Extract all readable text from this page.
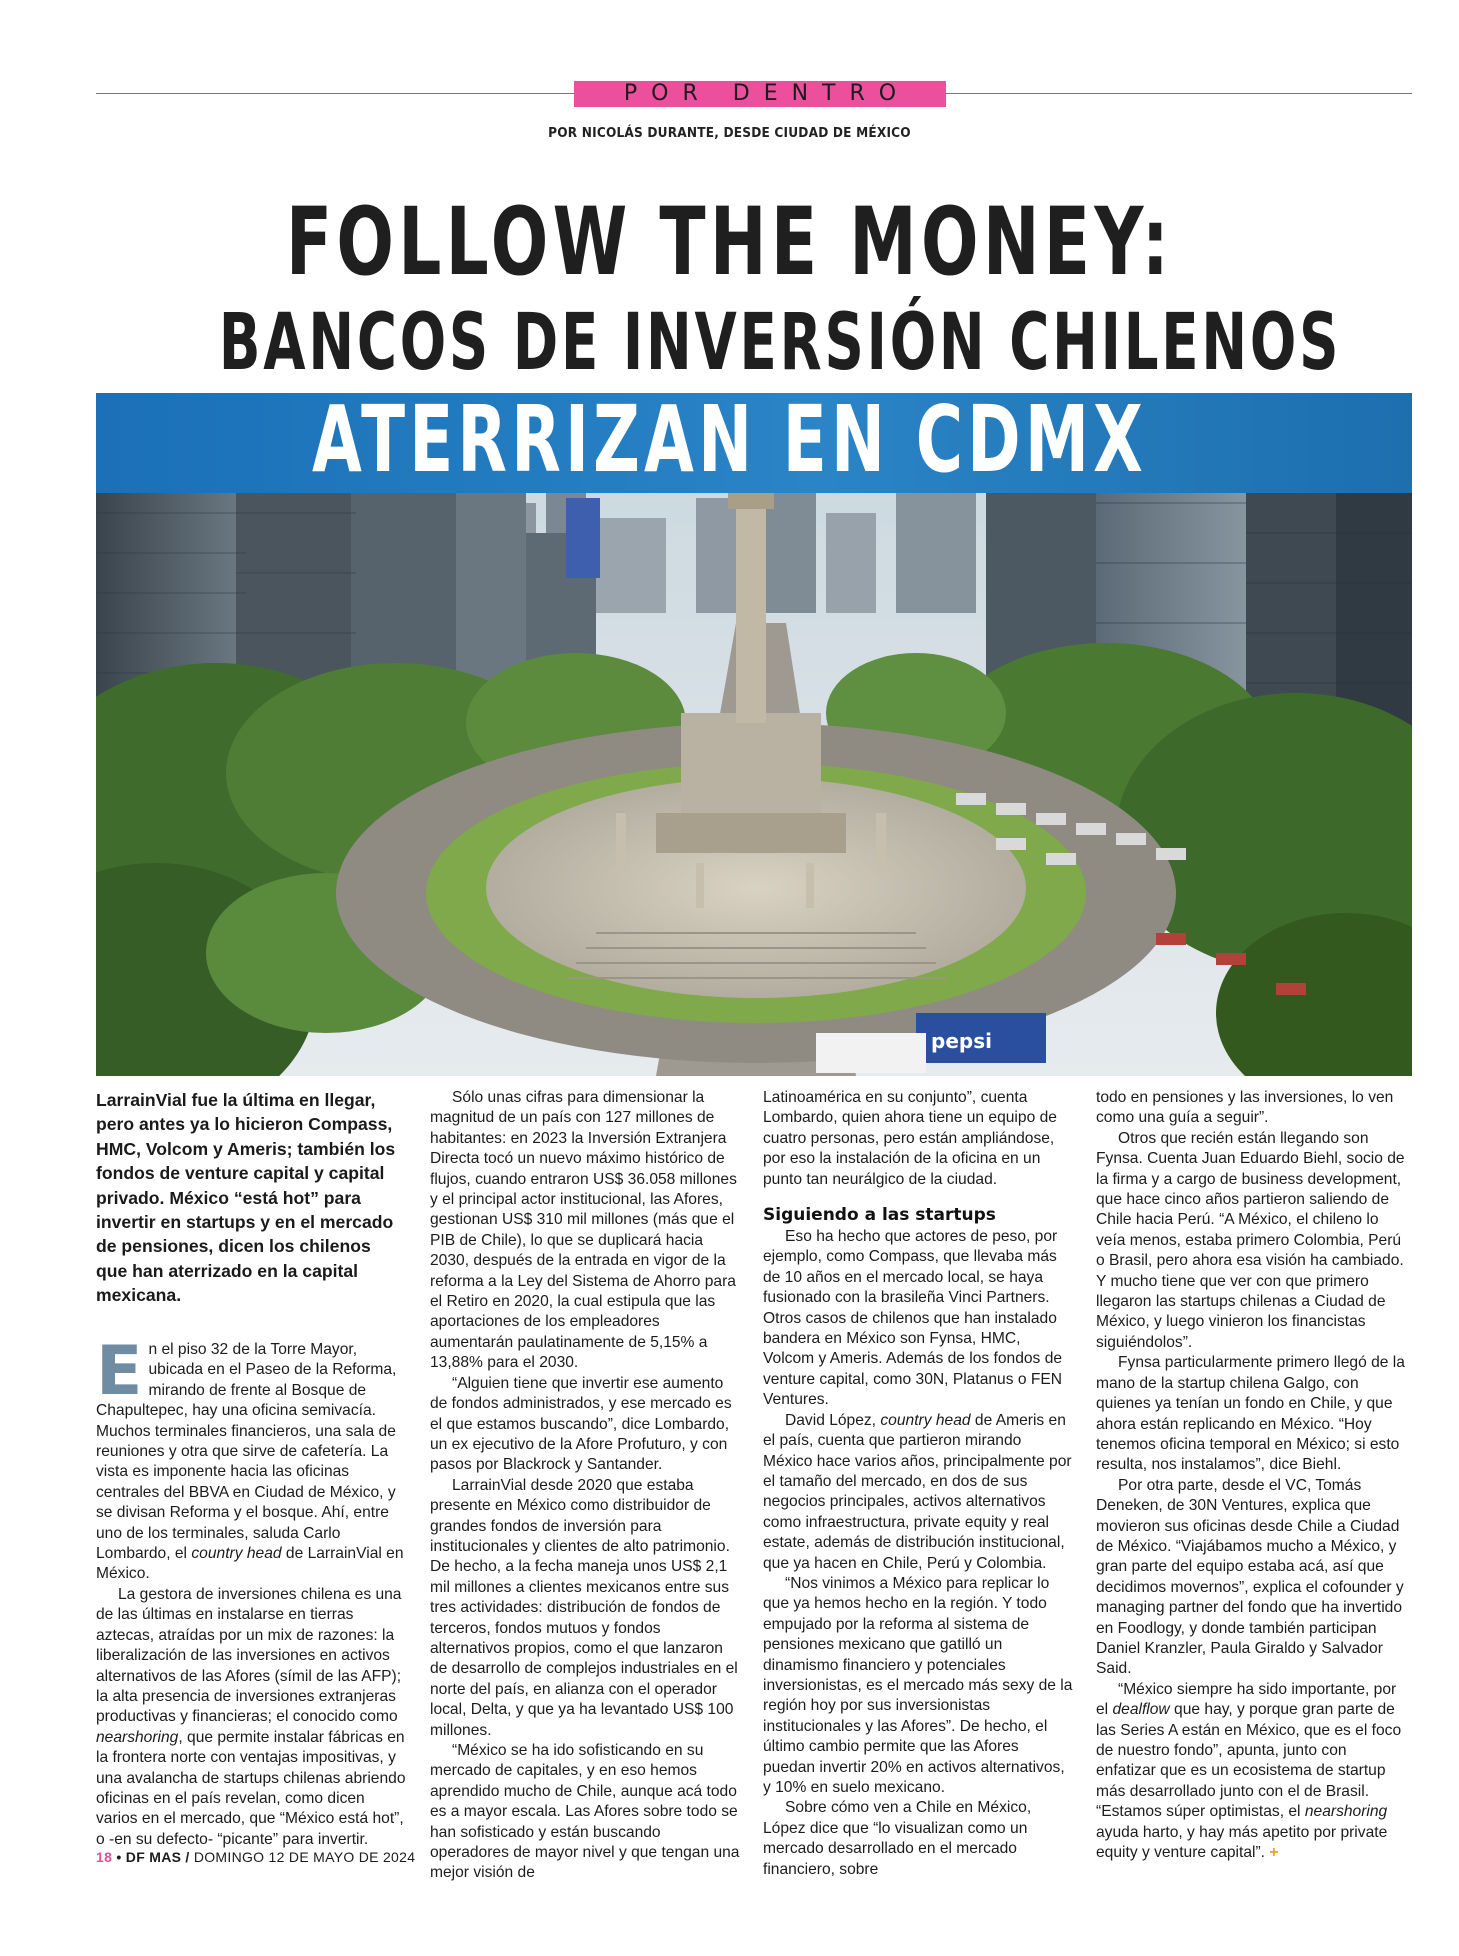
POR DENTRO
POR NICOLÁS DURANTE, DESDE CIUDAD DE MÉXICO
FOLLOW THE MONEY:
BANCOS DE INVERSIÓN CHILENOS
pepsi
ATERRIZAN EN CDMX
LarrainVial fue la última en llegar, pero antes ya lo hicieron Compass, HMC, Volcom y Ameris; también los fondos de venture capital y capital privado. México “está hot” para invertir en startups y en el mercado de pensiones, dicen los chilenos que han aterrizado en la capital mexicana.

En el piso 32 de la Torre Mayor, ubicada en el Paseo de la Reforma, mirando de frente al Bosque de Chapultepec, hay una oficina semivacía. Muchos terminales financieros, una sala de reuniones y otra que sirve de cafetería. La vista es imponente hacia las oficinas centrales del BBVA en Ciudad de México, y se divisan Reforma y el bosque. Ahí, entre uno de los terminales, saluda Carlo Lombardo, el country head de LarrainVial en México.

La gestora de inversiones chilena es una de las últimas en instalarse en tierras aztecas, atraídas por un mix de razones: la liberalización de las inversiones en activos alternativos de las Afores (símil de las AFP); la alta presencia de inversiones extranjeras productivas y financieras; el conocido como nearshoring, que permite instalar fábricas en la frontera norte con ventajas impositivas, y una avalancha de startups chilenas abriendo oficinas en el país revelan, como dicen varios en el mercado, que “México está hot”, o -en su defecto- “picante” para invertir.

Sólo unas cifras para dimensionar la magnitud de un país con 127 millones de habitantes: en 2023 la Inversión Extranjera Directa tocó un nuevo máximo histórico de flujos, cuando entraron US$ 36.058 millones y el principal actor institucional, las Afores, gestionan US$ 310 mil millones (más que el PIB de Chile), lo que se duplicará hacia 2030, después de la entrada en vigor de la reforma a la Ley del Sistema de Ahorro para el Retiro en 2020, la cual estipula que las aportaciones de los empleadores aumentarán paulatinamente de 5,15% a 13,88% para el 2030.

“Alguien tiene que invertir ese aumento de fondos administrados, y ese mercado es el que estamos buscando”, dice Lombardo, un ex ejecutivo de la Afore Profuturo, y con pasos por Blackrock y Santander.

LarrainVial desde 2020 que estaba presente en México como distribuidor de grandes fondos de inversión para institucionales y clientes de alto patrimonio. De hecho, a la fecha maneja unos US$ 2,1 mil millones a clientes mexicanos entre sus tres actividades: distribución de fondos de terceros, fondos mutuos y fondos alternativos propios, como el que lanzaron de desarrollo de complejos industriales en el norte del país, en alianza con el operador local, Delta, y que ya ha levantado US$ 100 millones.

“México se ha ido sofisticando en su mercado de capitales, y en eso hemos aprendido mucho de Chile, aunque acá todo es a mayor escala. Las Afores sobre todo se han sofisticado y están buscando operadores de mayor nivel y que tengan una mejor visión de

Latinoamérica en su conjunto”, cuenta Lombardo, quien ahora tiene un equipo de cuatro personas, pero están ampliándose, por eso la instalación de la oficina en un punto tan neurálgico de la ciudad.

Siguiendo a las startups

Eso ha hecho que actores de peso, por ejemplo, como Compass, que llevaba más de 10 años en el mercado local, se haya fusionado con la brasileña Vinci Partners. Otros casos de chilenos que han instalado bandera en México son Fynsa, HMC, Volcom y Ameris. Además de los fondos de venture capital, como 30N, Platanus o FEN Ventures.

David López, country head de Ameris en el país, cuenta que partieron mirando México hace varios años, principalmente por el tamaño del mercado, en dos de sus negocios principales, activos alternativos como infraestructura, private equity y real estate, además de distribución institucional, que ya hacen en Chile, Perú y Colombia.

“Nos vinimos a México para replicar lo que ya hemos hecho en la región. Y todo empujado por la reforma al sistema de pensiones mexicano que gatilló un dinamismo financiero y potenciales inversionistas, es el mercado más sexy de la región hoy por sus inversionistas institucionales y las Afores”. De hecho, el último cambio permite que las Afores puedan invertir 20% en activos alternativos, y 10% en suelo mexicano.

Sobre cómo ven a Chile en México, López dice que “lo visualizan como un mercado desarrollado en el mercado financiero, sobre

todo en pensiones y las inversiones, lo ven como una guía a seguir”.

Otros que recién están llegando son Fynsa. Cuenta Juan Eduardo Biehl, socio de la firma y a cargo de business development, que hace cinco años partieron saliendo de Chile hacia Perú. “A México, el chileno lo veía menos, estaba primero Colombia, Perú o Brasil, pero ahora esa visión ha cambiado. Y mucho tiene que ver con que primero llegaron las startups chilenas a Ciudad de México, y luego vinieron los financistas siguiéndolos”.

Fynsa particularmente primero llegó de la mano de la startup chilena Galgo, con quienes ya tenían un fondo en Chile, y que ahora están replicando en México. “Hoy tenemos oficina temporal en México; si esto resulta, nos instalamos”, dice Biehl.

Por otra parte, desde el VC, Tomás Deneken, de 30N Ventures, explica que movieron sus oficinas desde Chile a Ciudad de México. “Viajábamos mucho a México, y gran parte del equipo estaba acá, así que decidimos movernos”, explica el cofounder y managing partner del fondo que ha invertido en Foodlogy, y donde también participan Daniel Kranzler, Paula Giraldo y Salvador Said.

“México siempre ha sido importante, por el dealflow que hay, y porque gran parte de las Series A están en México, que es el foco de nuestro fondo”, apunta, junto con enfatizar que es un ecosistema de startup más desarrollado junto con el de Brasil. “Estamos súper optimistas, el nearshoring ayuda harto, y hay más apetito por private equity y venture capital”. +

18 • DF MAS / DOMINGO 12 DE MAYO DE 2024
